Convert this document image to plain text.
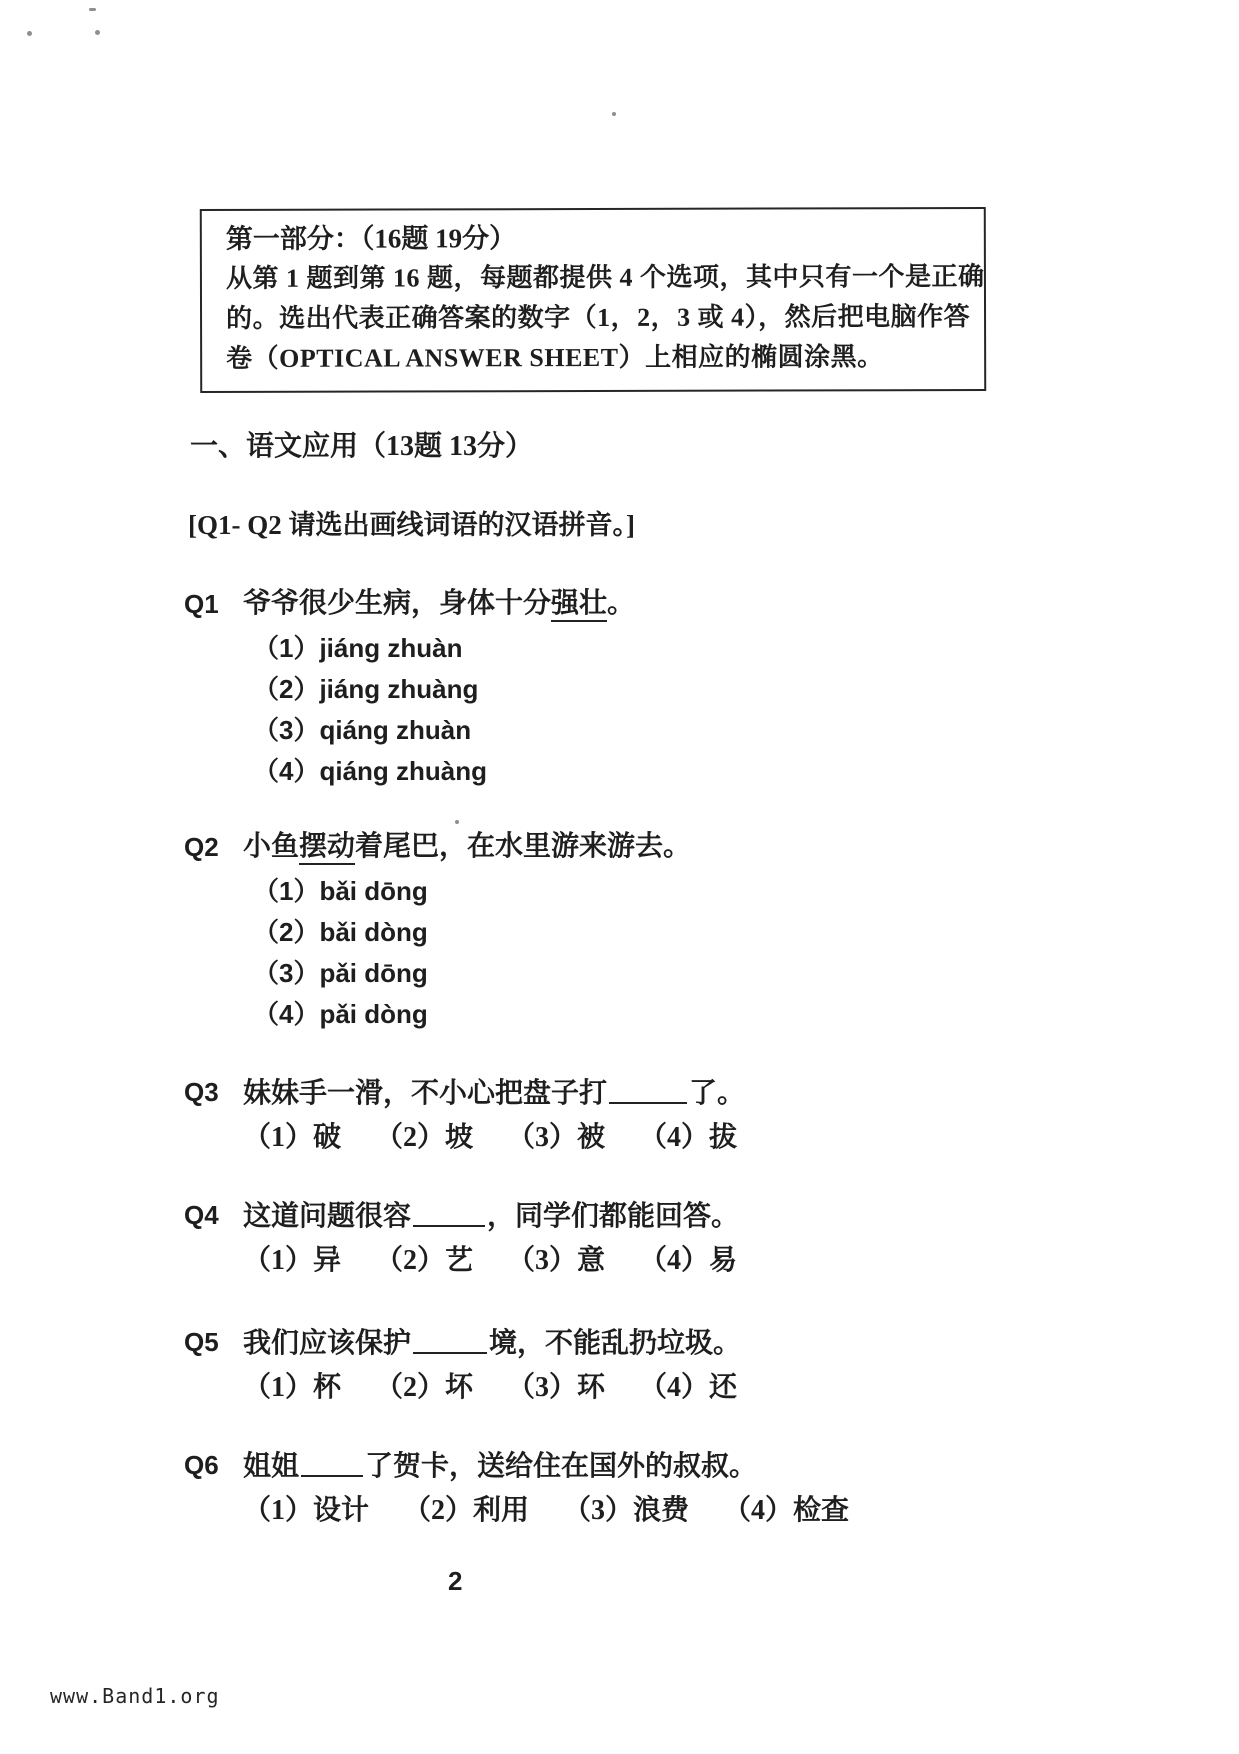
第一部分：（16题 19分）
从第 1 题到第 16 题，每题都提供 4 个选项，其中只有一个是正确
的。选出代表正确答案的数字（1，2，3 或 4），然后把电脑作答
卷（OPTICAL ANSWER SHEET）上相应的椭圆涂黑。
一、语文应用（13题 13分）
[Q1- Q2 请选出画线词语的汉语拼音。]
Q1 爷爷很少生病，身体十分强壮。
（1）jiáng zhuàn
（2）jiáng zhuàng
（3）qiáng zhuàn
（4）qiáng zhuàng
Q2 小鱼摆动着尾巴，在水里游来游去。
（1）bǎi dōng
（2）bǎi dòng
（3）pǎi dōng
（4）pǎi dòng
Q3 妹妹手一滑，不小心把盘子打	了。
（1）破 （2）坡 （3）被 （4）拔
Q4 这道问题很容	，同学们都能回答。
（1）异 （2）艺 （3）意 （4）易
Q5 我们应该保护	境，不能乱扔垃圾。
（1）杯 （2）坏 （3）环 （4）还
Q6 姐姐 了贺卡，送给住在国外的叔叔。
（1）设计 （2）利用 （3）浪费 （4）检查
2
www.Band1.org
